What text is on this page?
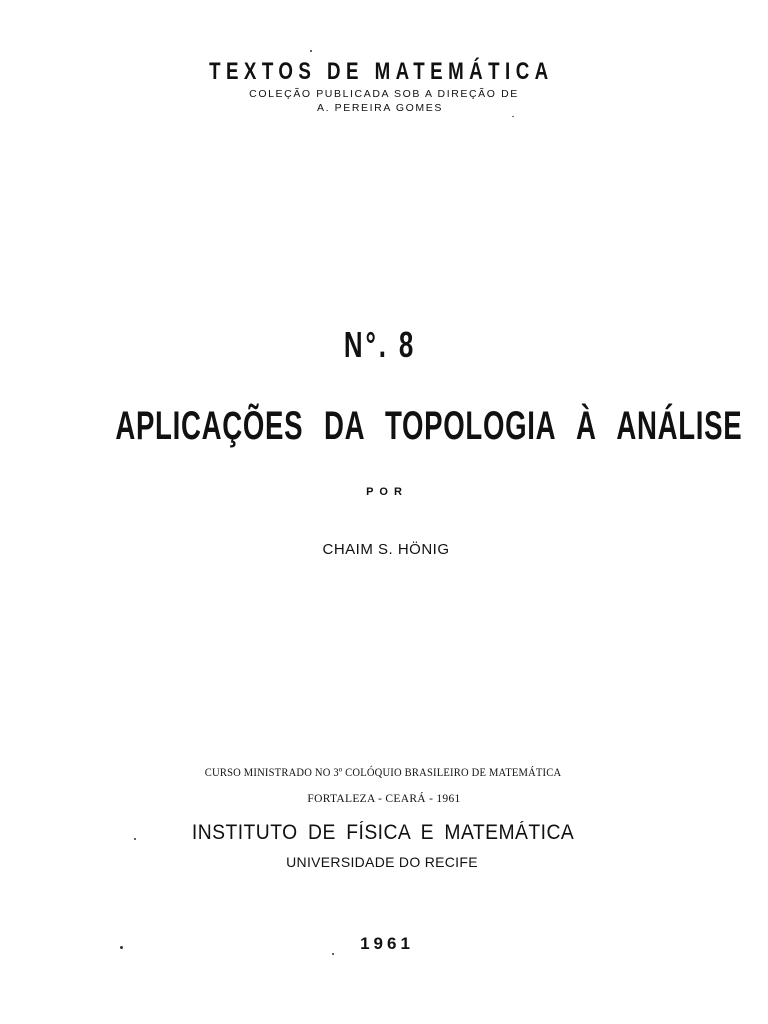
TEXTOS DE MATEMÁTICA
COLEÇÃO PUBLICADA SOB A DIREÇÃO DE
A. PEREIRA GOMES
N°. 8
APLICAÇÕES DA TOPOLOGIA À ANÁLISE
POR
CHAIM S. HÖNIG
CURSO MINISTRADO NO 3º COLÓQUIO BRASILEIRO DE MATEMÁTICA
FORTALEZA - CEARÁ - 1961
INSTITUTO DE FÍSICA E MATEMÁTICA
UNIVERSIDADE DO RECIFE
1961
